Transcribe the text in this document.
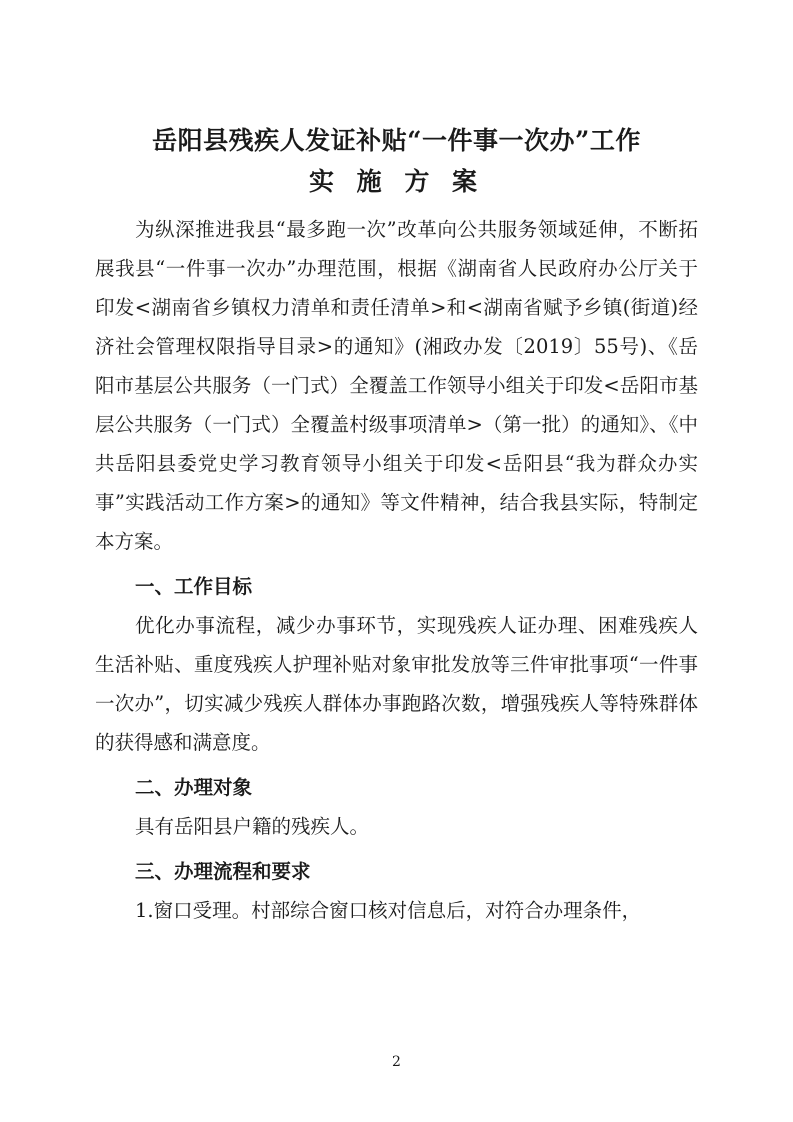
岳阳县残疾人发证补贴“一件事一次办”工作
实 施 方 案

为纵深推进我县“最多跑一次”改革向公共服务领域延伸，不断拓展我县“一件事一次办”办理范围，根据《湖南省人民政府办公厅关于印发<湖南省乡镇权力清单和责任清单>和<湖南省赋予乡镇(街道)经济社会管理权限指导目录>的通知》(湘政办发〔2019〕55号)、《岳阳市基层公共服务（一门式）全覆盖工作领导小组关于印发<岳阳市基层公共服务（一门式）全覆盖村级事项清单>（第一批）的通知》、《中共岳阳县委党史学习教育领导小组关于印发<岳阳县“我为群众办实事”实践活动工作方案>的通知》等文件精神，结合我县实际，特制定本方案。

一、工作目标

优化办事流程，减少办事环节，实现残疾人证办理、困难残疾人生活补贴、重度残疾人护理补贴对象审批发放等三件审批事项“一件事一次办”，切实减少残疾人群体办事跑路次数，增强残疾人等特殊群体的获得感和满意度。

二、办理对象

具有岳阳县户籍的残疾人。

三、办理流程和要求

1.窗口受理。村部综合窗口核对信息后，对符合办理条件，

2
